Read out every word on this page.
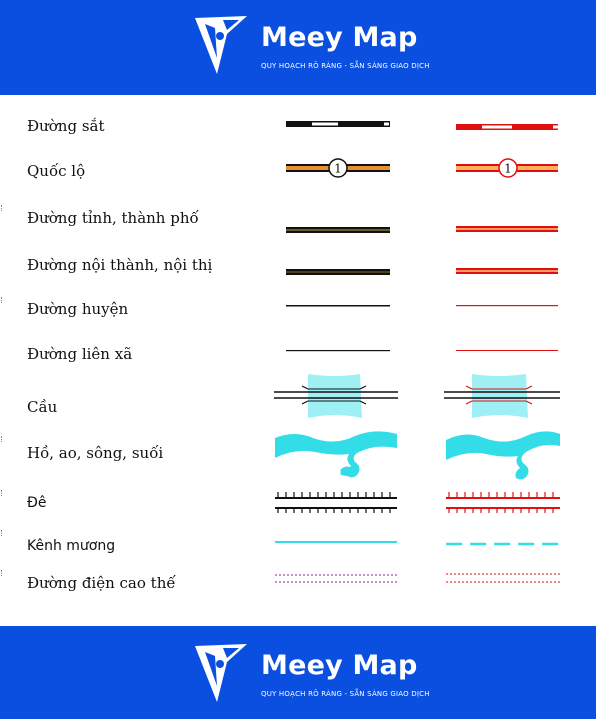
Meey Map
QUY HOẠCH RÕ RÀNG - SẴN SÀNG GIAO DỊCH
Đường sắt
Quốc lộ
Đường tỉnh, thành phố
Đường nội thành, nội thị
Đường huyện
Đường liên xã
Cầu
Hồ, ao, sông, suối
Đê
Kênh mương
Đường điện cao thế
1	1
Meey Map
QUY HOẠCH RÕ RÀNG - SẴN SÀNG GIAO DỊCH
